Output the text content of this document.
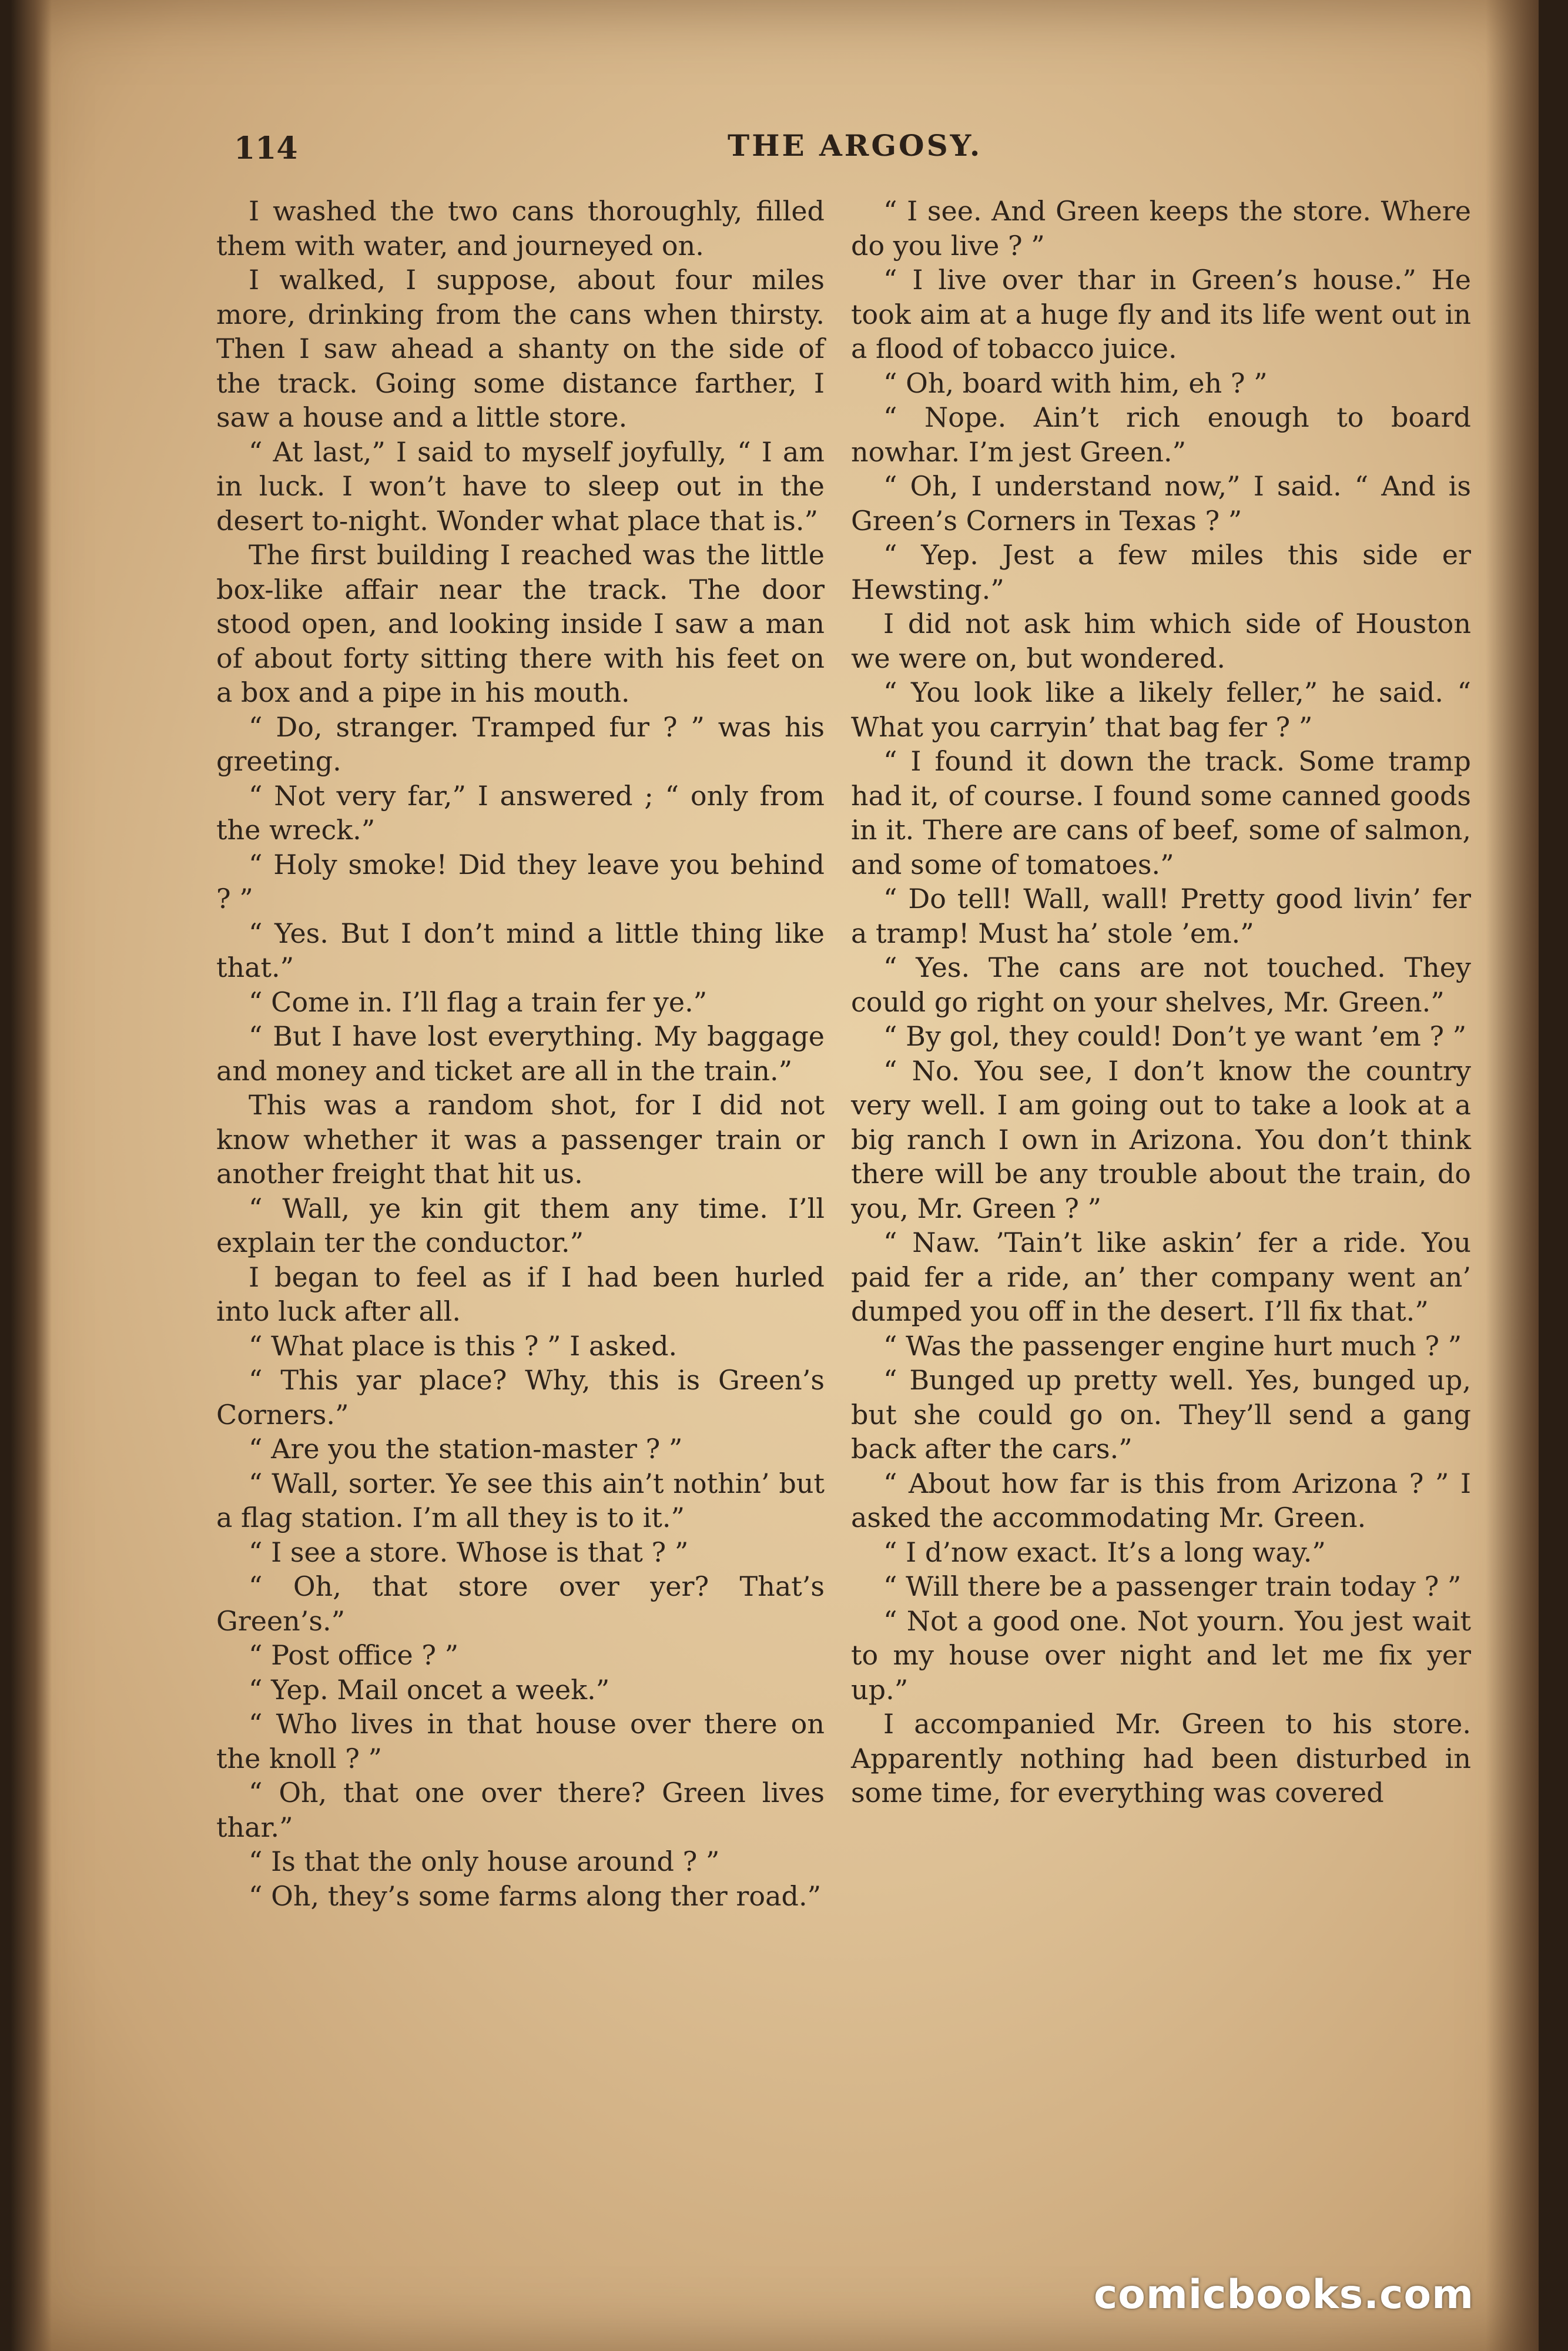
114	THE ARGOSY.

I washed the two cans thoroughly, filled them with water, and journeyed on.

I walked, I suppose, about four miles more, drinking from the cans when thirsty. Then I saw ahead a shanty on the side of the track. Going some distance farther, I saw a house and a little store.

“ At last,” I said to myself joyfully, “ I am in luck. I won’t have to sleep out in the desert to-night. Wonder what place that is.”

The first building I reached was the little box-like affair near the track. The door stood open, and looking inside I saw a man of about forty sitting there with his feet on a box and a pipe in his mouth.

“ Do, stranger. Tramped fur ? ” was his greeting.

“ Not very far,” I answered ; “ only from the wreck.”

“ Holy smoke! Did they leave you behind ? ”

“ Yes. But I don’t mind a little thing like that.”

“ Come in. I’ll flag a train fer ye.”

“ But I have lost everything. My baggage and money and ticket are all in the train.”

This was a random shot, for I did not know whether it was a passenger train or another freight that hit us.

“ Wall, ye kin git them any time. I’ll explain ter the conductor.”

I began to feel as if I had been hurled into luck after all.

“ What place is this ? ” I asked.

“ This yar place? Why, this is Green’s Corners.”

“ Are you the station-master ? ”

“ Wall, sorter. Ye see this ain’t nothin’ but a flag station. I’m all they is to it.”

“ I see a store. Whose is that ? ”

“ Oh, that store over yer? That’s Green’s.”

“ Post office ? ”

“ Yep. Mail oncet a week.”

“ Who lives in that house over there on the knoll ? ”

“ Oh, that one over there? Green lives thar.”

“ Is that the only house around ? ”

“ Oh, they’s some farms along ther road.”

“ I see. And Green keeps the store. Where do you live ? ”

“ I live over thar in Green’s house.” He took aim at a huge fly and its life went out in a flood of tobacco juice.

“ Oh, board with him, eh ? ”

“ Nope. Ain’t rich enough to board nowhar. I’m jest Green.”

“ Oh, I understand now,” I said. “ And is Green’s Corners in Texas ? ”

“ Yep. Jest a few miles this side er Hewsting.”

I did not ask him which side of Houston we were on, but wondered.

“ You look like a likely feller,” he said. “ What you carryin’ that bag fer ? ”

“ I found it down the track. Some tramp had it, of course. I found some canned goods in it. There are cans of beef, some of salmon, and some of tomatoes.”

“ Do tell! Wall, wall! Pretty good livin’ fer a tramp! Must ha’ stole ’em.”

“ Yes. The cans are not touched. They could go right on your shelves, Mr. Green.”

“ By gol, they could! Don’t ye want ’em ? ”

“ No. You see, I don’t know the country very well. I am going out to take a look at a big ranch I own in Arizona. You don’t think there will be any trouble about the train, do you, Mr. Green ? ”

“ Naw. ’Tain’t like askin’ fer a ride. You paid fer a ride, an’ ther company went an’ dumped you off in the desert. I’ll fix that.”

“ Was the passenger engine hurt much ? ”

“ Bunged up pretty well. Yes, bunged up, but she could go on. They’ll send a gang back after the cars.”

“ About how far is this from Arizona ? ” I asked the accommodating Mr. Green.

“ I d’now exact. It’s a long way.”

“ Will there be a passenger train today ? ”

“ Not a good one. Not yourn. You jest wait to my house over night and let me fix yer up.”

I accompanied Mr. Green to his store. Apparently nothing had been disturbed in some time, for everything was covered

comicbooks.com
